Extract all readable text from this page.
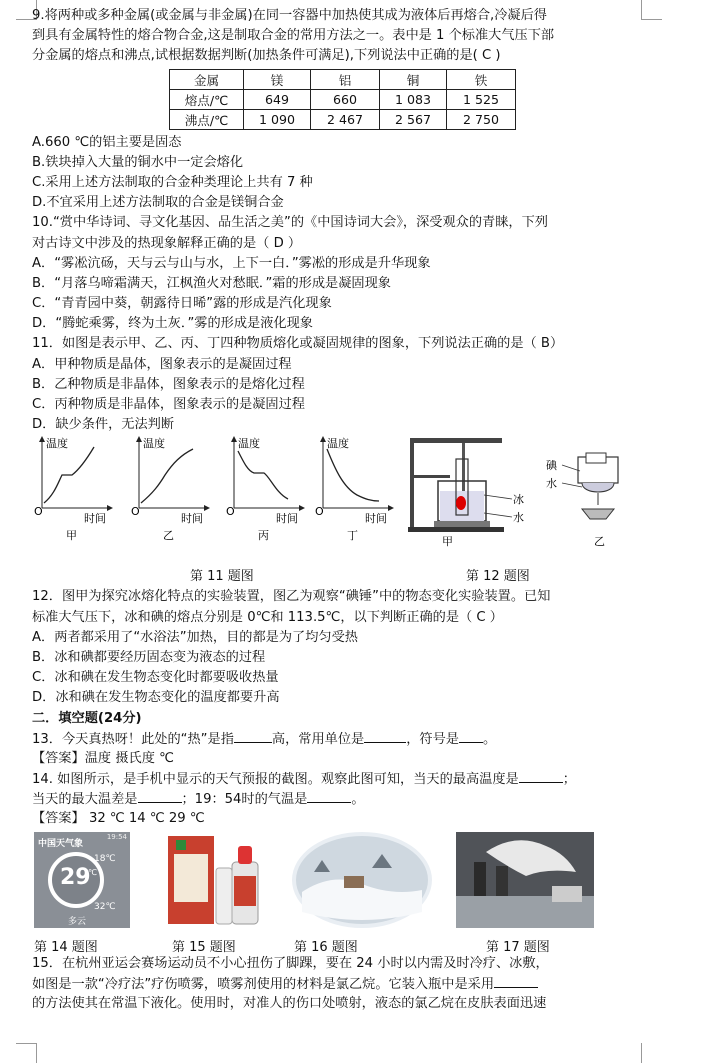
9.将两种或多种金属(或金属与非金属)在同一容器中加热使其成为液体后再熔合,冷凝后得
到具有金属特性的熔合物合金,这是制取合金的常用方法之一。表中是 1 个标准大气压下部
分金属的熔点和沸点,试根据数据判断(加热条件可满足),下列说法中正确的是( C )
金属	镁	铝	铜	铁
熔点/℃	649	660	1 083	1 525
沸点/℃	1 090	2 467	2 567	2 750
A.660 ℃的铝主要是固态
B.铁块掉入大量的铜水中一定会熔化
C.采用上述方法制取的合金种类理论上共有 7 种
D.不宜采用上述方法制取的合金是镁铜合金
10.“赏中华诗词、寻文化基因、品生活之美”的《中国诗词大会》，深受观众的青睐，下列
对古诗文中涉及的热现象解释正确的是（ D ）
A．“雾凇沆砀，天与云与山与水，上下一白．”雾凇的形成是升华现象
B．“月落乌啼霜满天，江枫渔火对愁眠．”霜的形成是凝固现象
C．“青青园中葵，朝露待日晞”露的形成是汽化现象
D．“腾蛇乘雾，终为土灰．”雾的形成是液化现象
11．如图是表示甲、乙、丙、丁四种物质熔化或凝固规律的图象，下列说法正确的是（ B）
A．甲种物质是晶体，图象表示的是凝固过程
B．乙种物质是非晶体，图象表示的是熔化过程
C．丙种物质是非晶体，图象表示的是凝固过程
D．缺少条件，无法判断
温度
时间
O
甲
温度
时间
O
乙
温度
时间
O
丙
温度
时间
O
丁
冰
水
甲
碘
水
乙
第 11 题图	第 12 题图
12．图甲为探究冰熔化特点的实验装置，图乙为观察“碘锤”中的物态变化实验装置。已知
标准大气压下，冰和碘的熔点分别是 0℃和 113.5℃，以下判断正确的是（ C ）
A．两者都采用了“水浴法”加热，目的都是为了均匀受热
B．冰和碘都要经历固态变为液态的过程
C．冰和碘在发生物态变化时都要吸收热量
D．冰和碘在发生物态变化的温度都要升高
二．填空题(24分)
13．今天真热呀！此处的“热”是指	高，常用单位是	，符号是 。
【答案】温度 摄氏度 ℃
14. 如图所示，是手机中显示的天气预报的截图。观察此图可知，当天的最高温度是	；
当天的最大温差是	；19：54时的气温是	。
【答案】 32 ℃ 14 ℃ 29 ℃
中国天气象
19:54
18℃
29
℃
32℃
多云
第 14 题图	第 15 题图	第 16 题图	第 17 题图
15．在杭州亚运会赛场运动员不小心扭伤了脚踝，要在 24 小时以内需及时冷疗、冰敷，
如图是一款“冷疗法”疗伤喷雾，喷雾剂使用的材料是氯乙烷。它装入瓶中是采用
的方法使其在常温下液化。使用时，对准人的伤口处喷射，液态的氯乙烷在皮肤表面迅速
